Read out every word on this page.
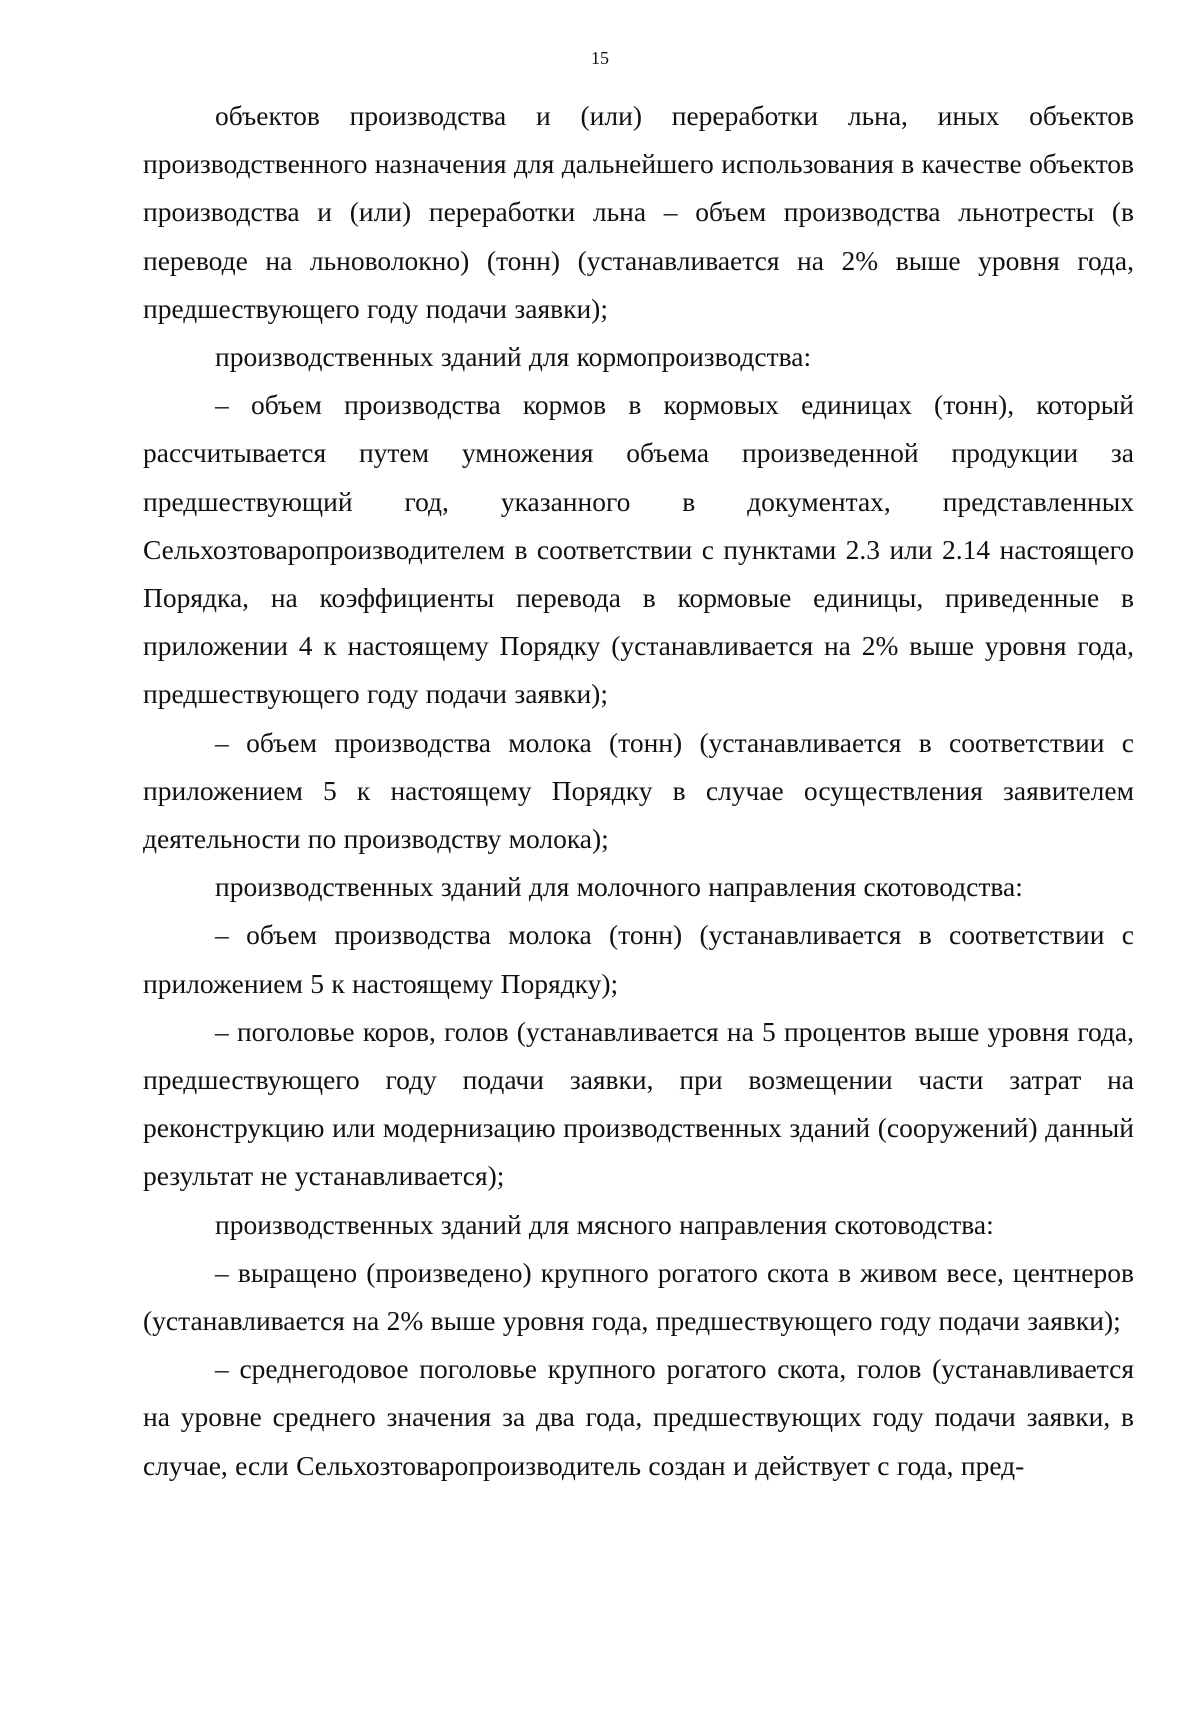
15

объектов производства и (или) переработки льна, иных объектов производственного назначения для дальнейшего использования в качестве объектов производства и (или) переработки льна – объем производства льнотресты (в переводе на льноволокно) (тонн) (устанавливается на 2% выше уровня года, предшествующего году подачи заявки);

производственных зданий для кормопроизводства:

– объем производства кормов в кормовых единицах (тонн), который рассчитывается путем умножения объема произведенной продукции за предшествующий год, указанного в документах, представленных Сельхозтоваропроизводителем в соответствии с пунктами 2.3 или 2.14 настоящего Порядка, на коэффициенты перевода в кормовые единицы, приведенные в приложении 4 к настоящему Порядку (устанавливается на 2% выше уровня года, предшествующего году подачи заявки);

– объем производства молока (тонн) (устанавливается в соответствии с приложением 5 к настоящему Порядку в случае осуществления заявителем деятельности по производству молока);

производственных зданий для молочного направления скотоводства:

– объем производства молока (тонн) (устанавливается в соответствии с приложением 5 к настоящему Порядку);

– поголовье коров, голов (устанавливается на 5 процентов выше уровня года, предшествующего году подачи заявки, при возмещении части затрат на реконструкцию или модернизацию производственных зданий (сооружений) данный результат не устанавливается);

производственных зданий для мясного направления скотоводства:

– выращено (произведено) крупного рогатого скота в живом весе, центнеров (устанавливается на 2% выше уровня года, предшествующего году подачи заявки);

– среднегодовое поголовье крупного рогатого скота, голов (устанавливается на уровне среднего значения за два года, предшествующих году подачи заявки, в случае, если Сельхозтоваропроизводитель создан и действует с года, пред-
